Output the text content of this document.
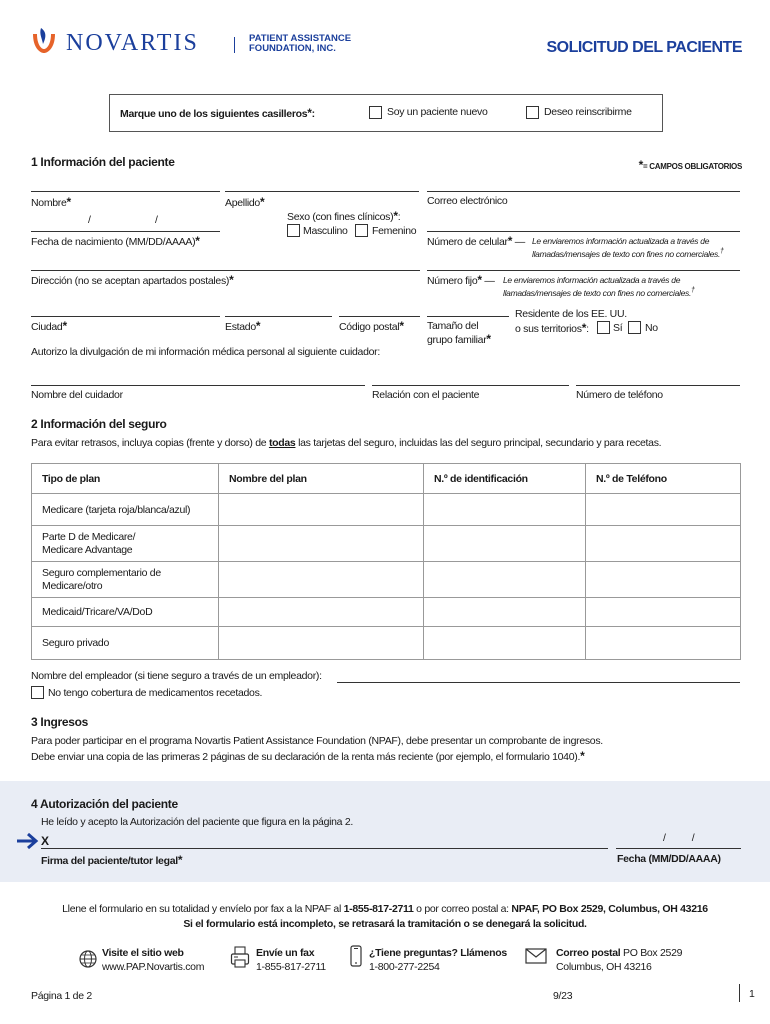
NOVARTIS	PATIENT ASSISTANCE
FOUNDATION, INC.	SOLICITUD DEL PACIENTE
Marque uno de los siguientes casilleros*:	Soy un paciente nuevo	Deseo reinscribirme
1 Información del paciente	*= CAMPOS OBLIGATORIOS
Nombre*	Apellido*	Correo electrónico
/	/
Fecha de nacimiento (MM/DD/AAAA)*
Sexo (con fines clínicos)*:
Masculino Femenino
Número de celular* — Le enviaremos información actualizada a través de
llamadas/mensajes de texto con fines no comerciales.†
Dirección (no se aceptan apartados postales)*	Número fijo* — Le enviaremos información actualizada a través de
llamadas/mensajes de texto con fines no comerciales.†
Ciudad*	Estado*	Código postal* Tamaño del
grupo familiar*
Residente de los EE. UU.
o sus territorios*:	Sí No
Autorizo la divulgación de mi información médica personal al siguiente cuidador:
Nombre del cuidador	Relación con el paciente	Número de teléfono
2 Información del seguro
Para evitar retrasos, incluya copias (frente y dorso) de todas las tarjetas del seguro, incluidas las del seguro principal, secundario y para recetas.
Tipo de plan	Nombre del plan	N.º de identificación	N.º de Teléfono
Medicare (tarjeta roja/blanca/azul)			

Parte D de Medicare/
Medicare Advantage			

Seguro complementario de
Medicare/otro			

Medicaid/Tricare/VA/DoD			
Seguro privado			
Nombre del empleador (si tiene seguro a través de un empleador):
No tengo cobertura de medicamentos recetados.
3 Ingresos
Para poder participar en el programa Novartis Patient Assistance Foundation (NPAF), debe presentar un comprobante de ingresos.
Debe enviar una copia de las primeras 2 páginas de su declaración de la renta más reciente (por ejemplo, el formulario 1040).*
4 Autorización del paciente
He leído y acepto la Autorización del paciente que figura en la página 2.
X	/          /
Firma del paciente/tutor legal*	Fecha (MM/DD/AAAA)
Llene el formulario en su totalidad y envíelo por fax a la NPAF al 1-855-817-2711 o por correo postal a: NPAF, PO Box 2529, Columbus, OH 43216
Si el formulario está incompleto, se retrasará la tramitación o se denegará la solicitud.
Visite el sitio web
www.PAP.Novartis.com
Envíe un fax
1-855-817-2711
¿Tiene preguntas? Llámenos
1-800-277-2254
Correo postal PO Box 2529
Columbus, OH 43216
Página 1 de 2	9/23	1
